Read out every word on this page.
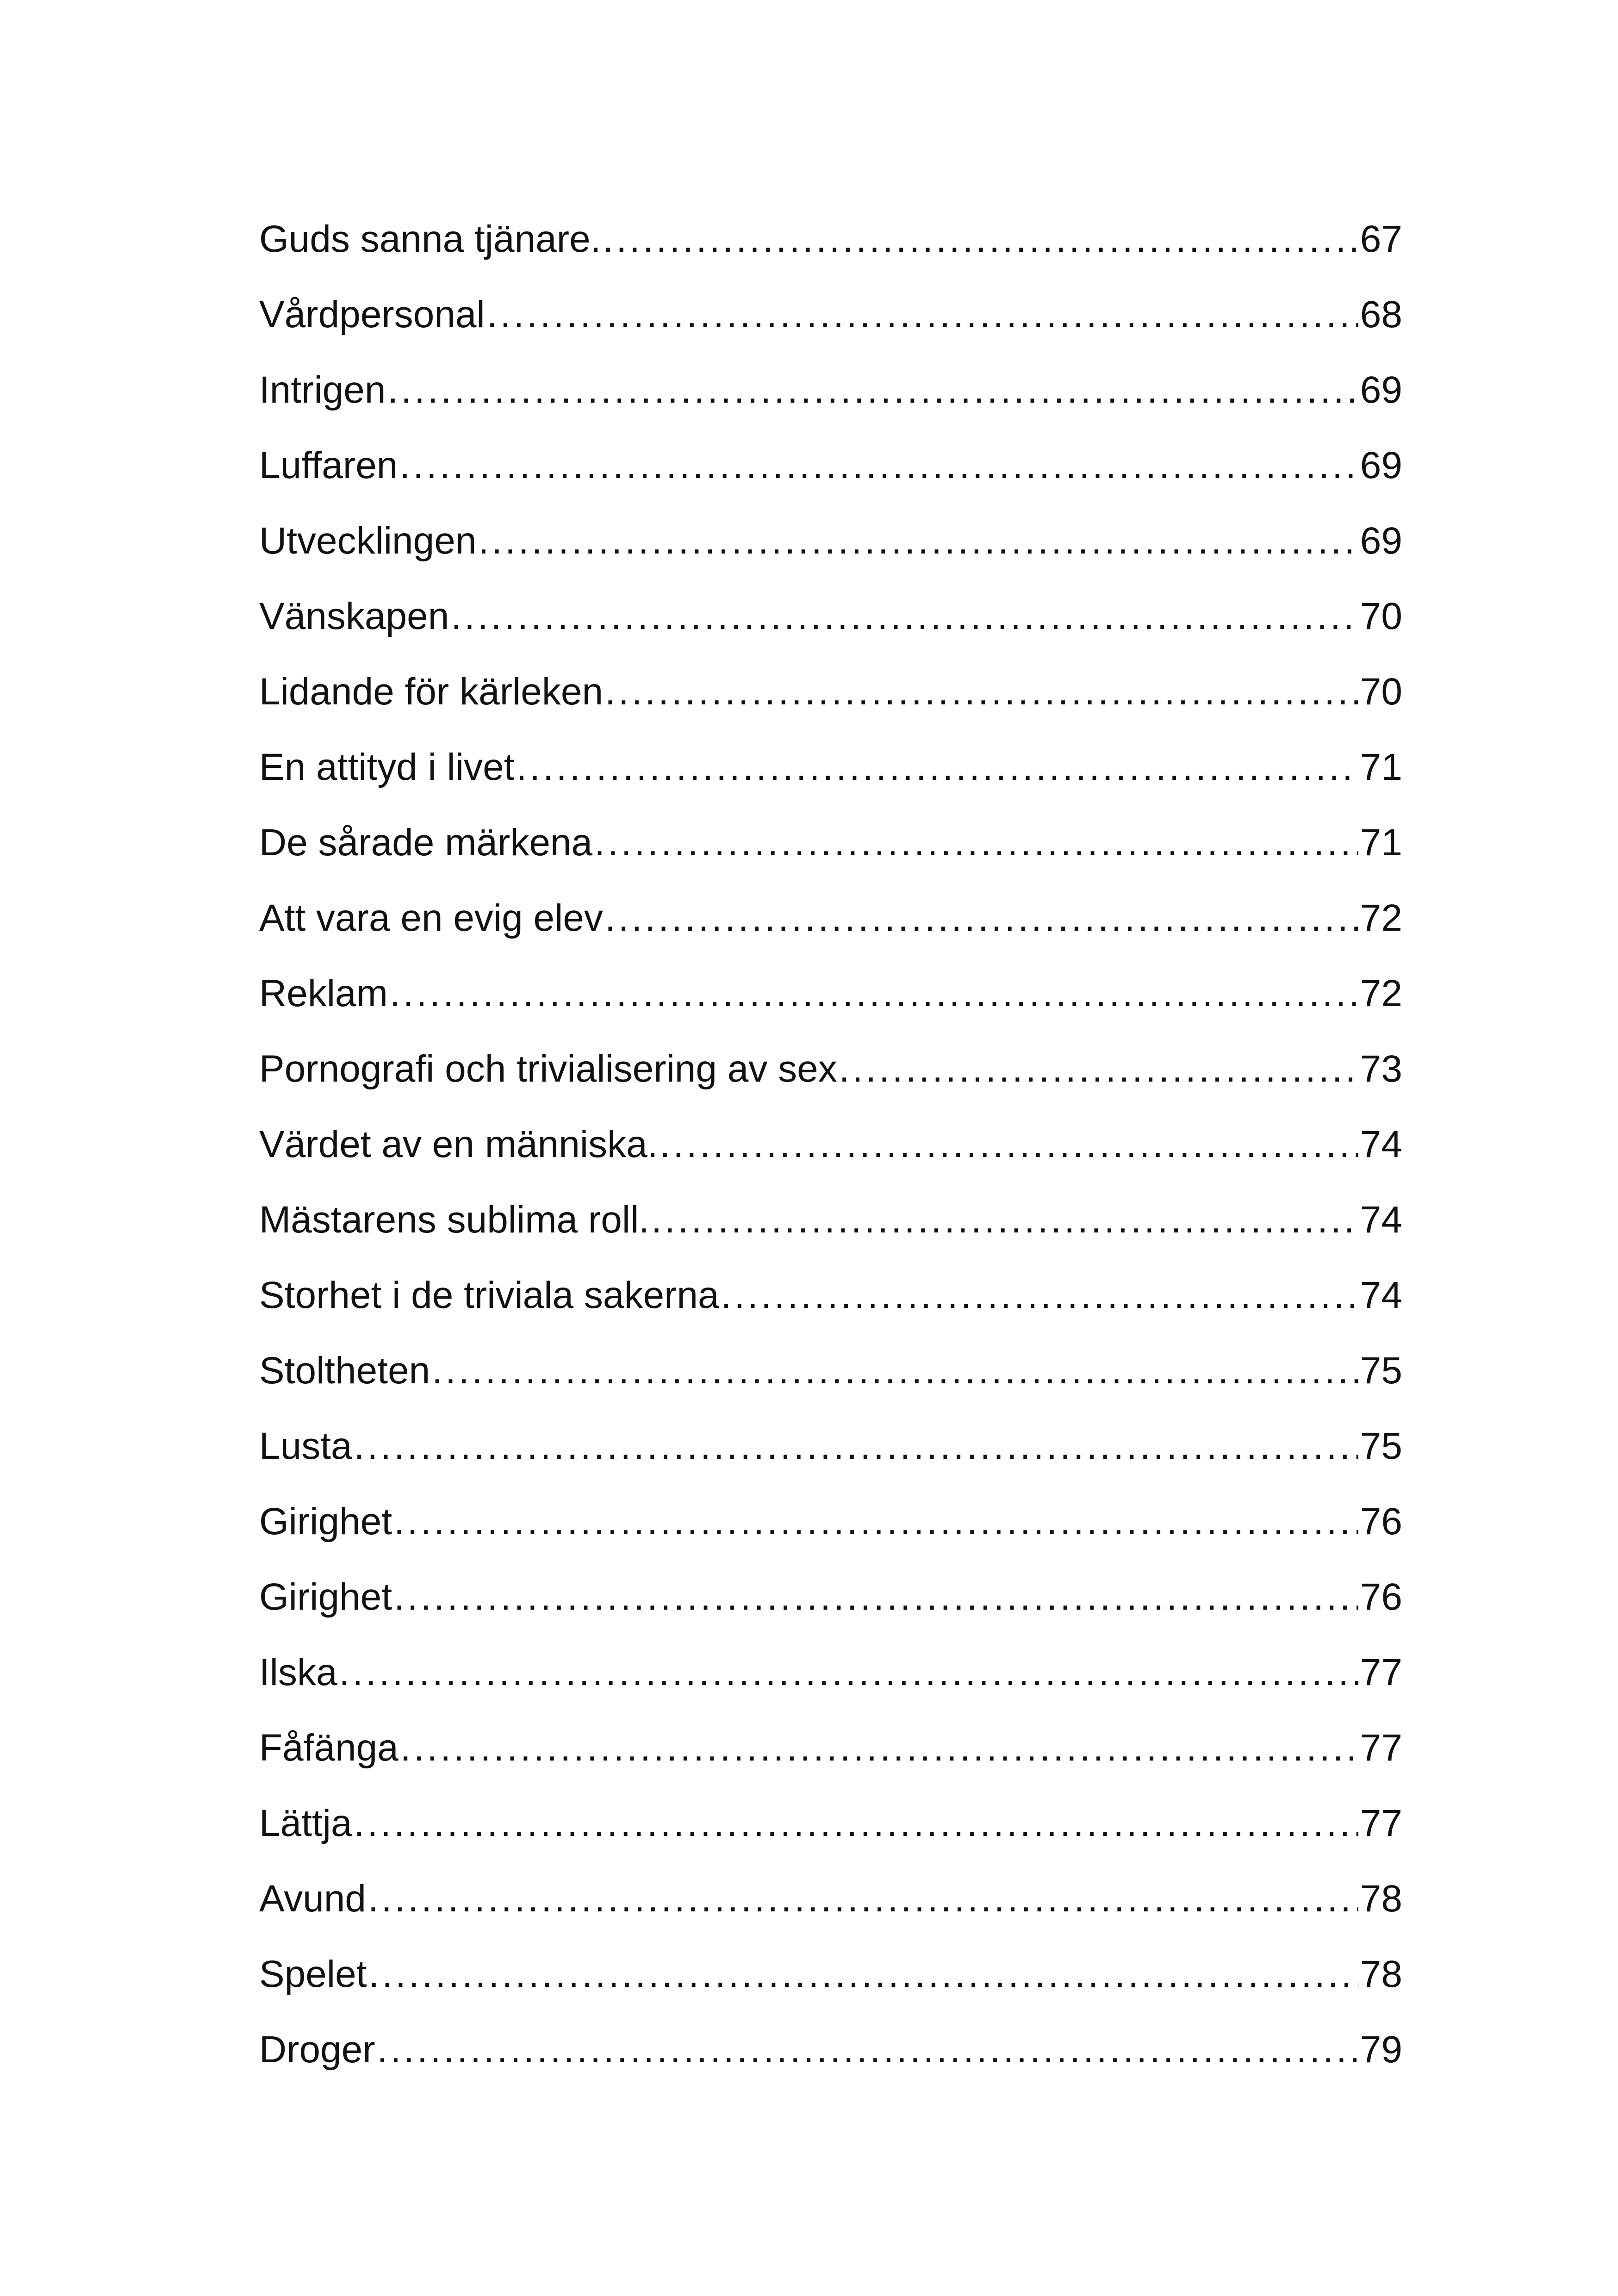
Guds sanna tjänare. .....	67
Vårdpersonal .....	68
Intrigen .....	69
Luffaren .....	69
Utvecklingen .....	69
Vänskapen .....	70
Lidande för kärleken .....	70
En attityd i livet .....	71
De sårade märkena .....	71
Att vara en evig elev .....	72
Reklam .....	72
Pornografi och trivialisering av sex .....	73
Värdet av en människa. .....	74
Mästarens sublima roll. .....	74
Storhet i de triviala sakerna .....	74
Stoltheten .....	75
Lusta .....	75
Girighet .....	76
Girighet .....	76
Ilska .....	77
Fåfänga .....	77
Lättja .....	77
Avund .....	78
Spelet .....	78
Droger .....	79
